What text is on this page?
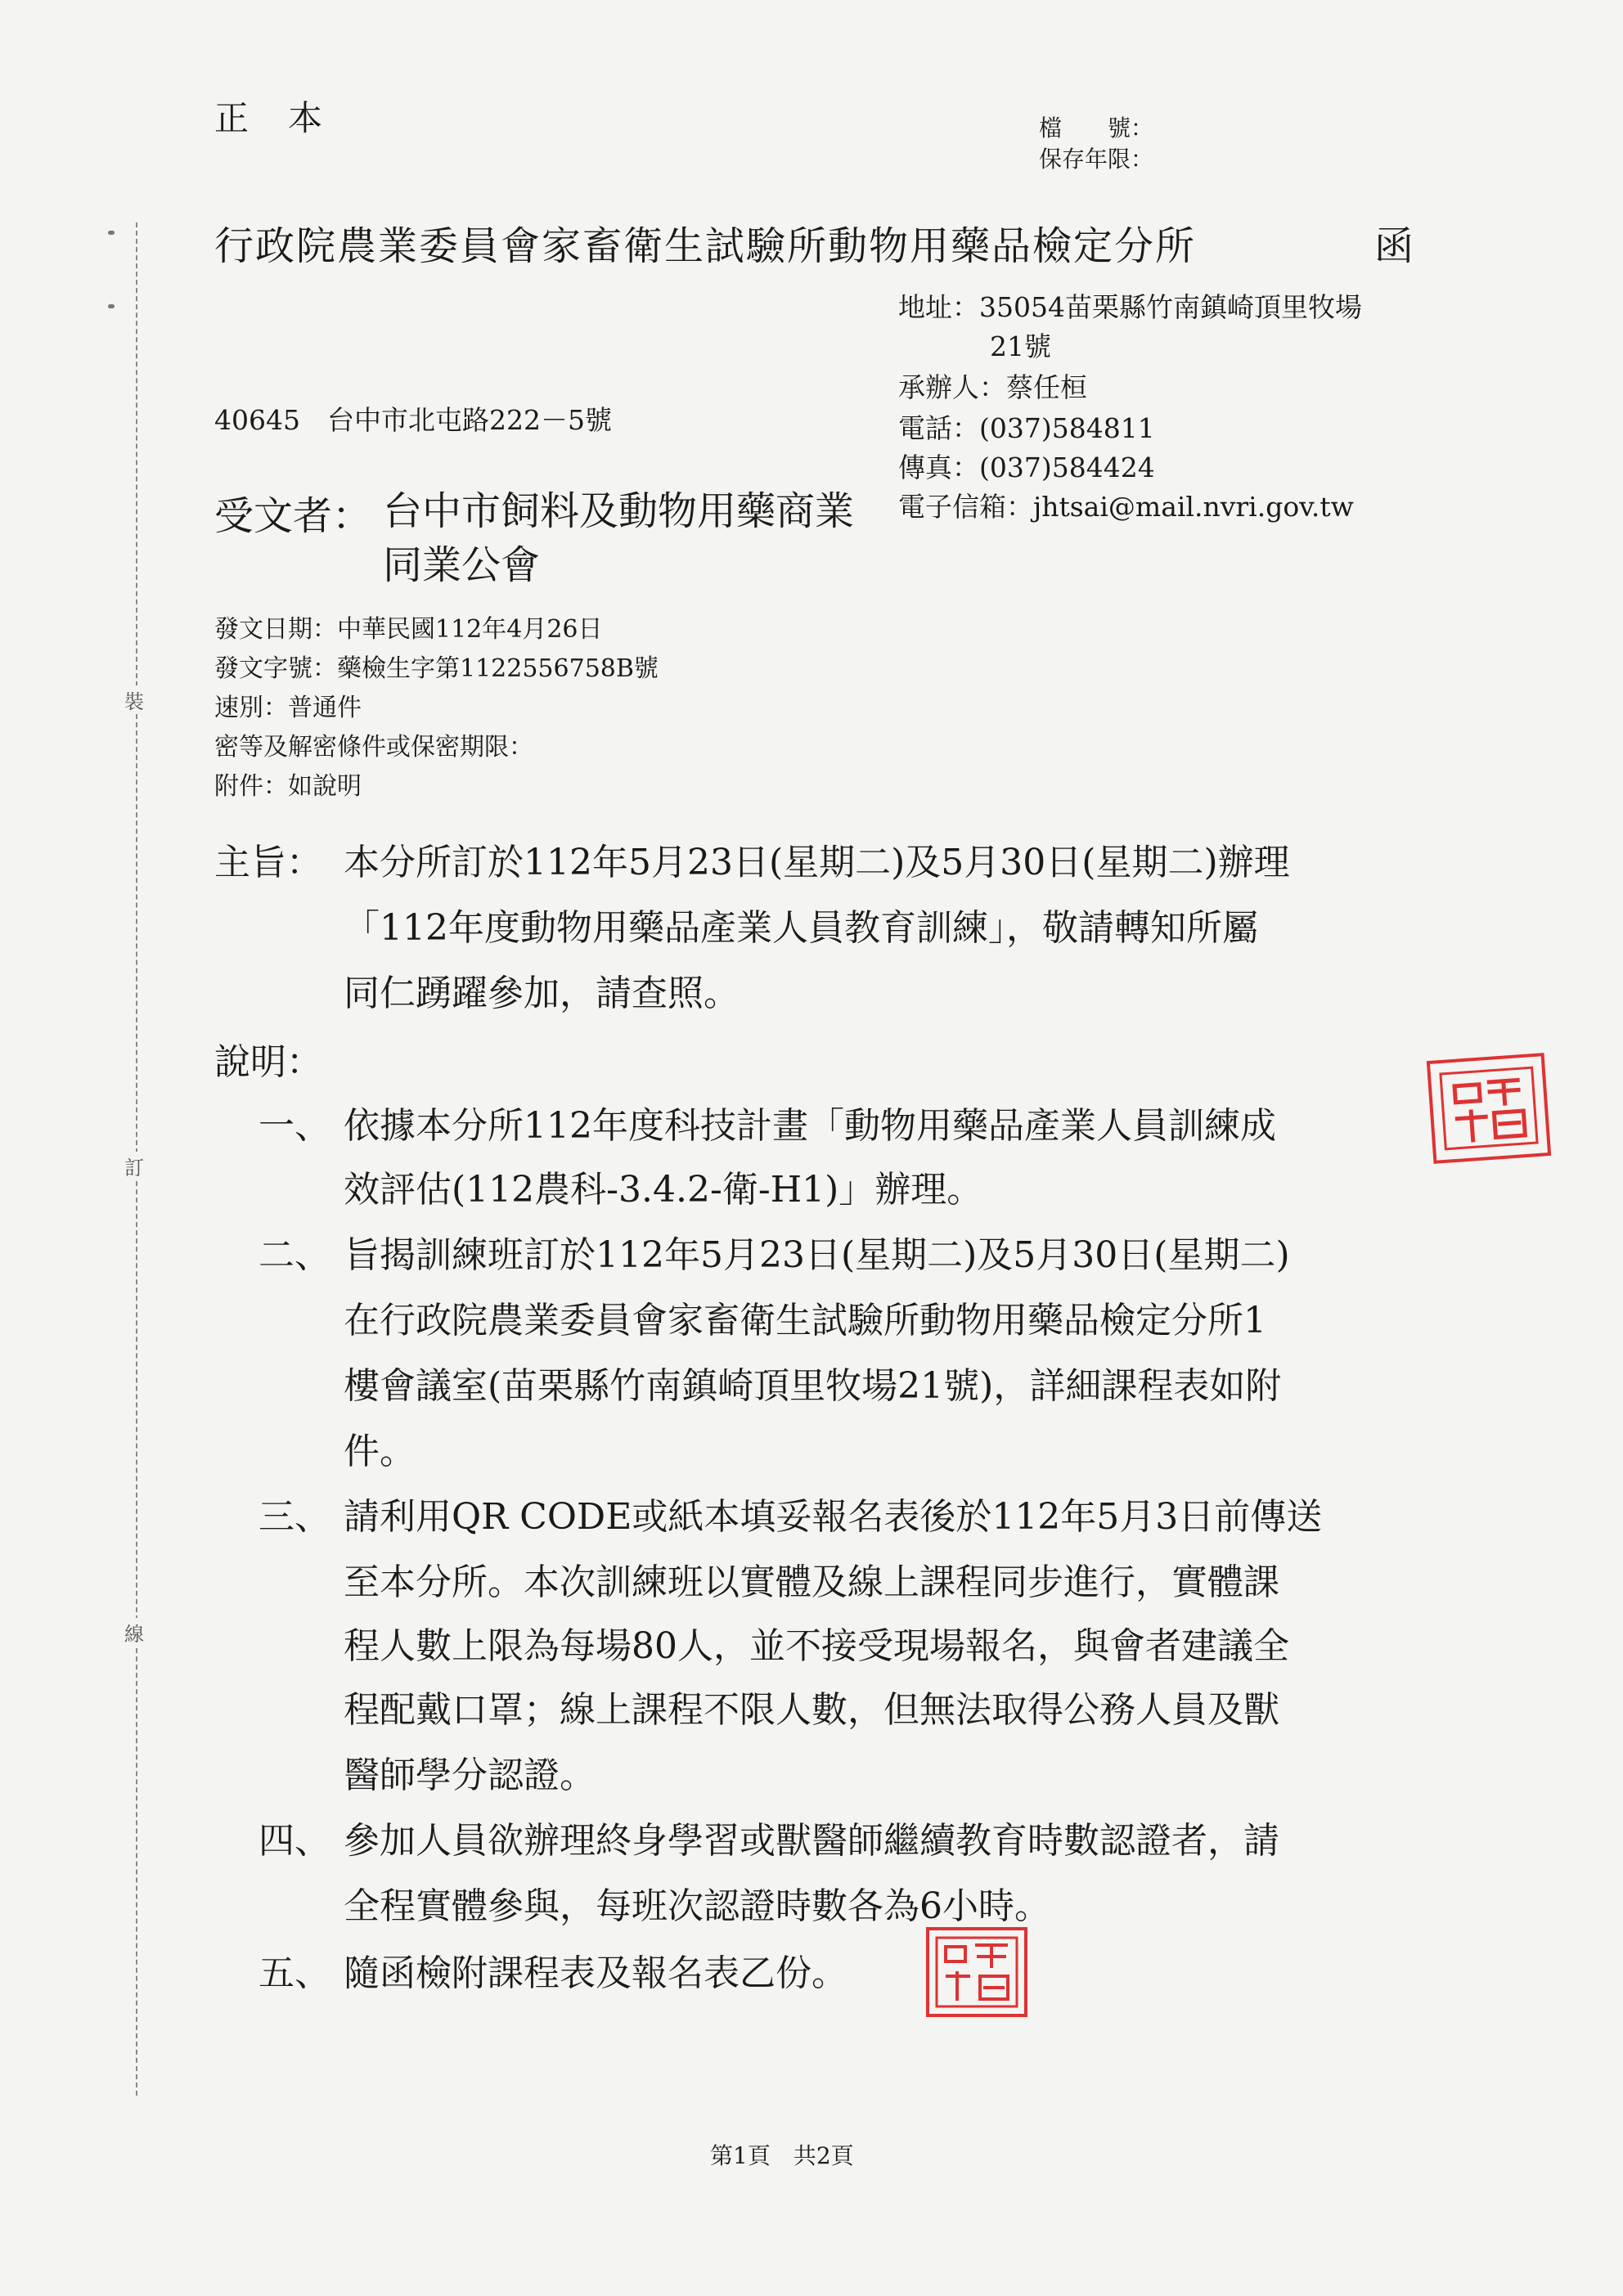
裝
訂
線
正本	檔　　號：
保存年限：
行政院農業委員會家畜衛生試驗所動物用藥品檢定分所	函
地址：35054苗栗縣竹南鎮崎頂里牧場
21號
承辦人：蔡任桓
電話：(037)584811
傳真：(037)584424
電子信箱：jhtsai@mail.nvri.gov.tw
40645　台中市北屯路222－5號
受文者： 台中市飼料及動物用藥商業
同業公會
發文日期：中華民國112年4月26日
發文字號：藥檢生字第1122556758B號
速別：普通件
密等及解密條件或保密期限：
附件：如說明
主旨： 本分所訂於112年5月23日(星期二)及5月30日(星期二)辦理
「112年度動物用藥品產業人員教育訓練」，敬請轉知所屬
同仁踴躍參加，請查照。
說明：
一、 依據本分所112年度科技計畫「動物用藥品產業人員訓練成
效評估(112農科-3.4.2-衛-H1)」辦理。
二、 旨揭訓練班訂於112年5月23日(星期二)及5月30日(星期二)
在行政院農業委員會家畜衛生試驗所動物用藥品檢定分所1
樓會議室(苗栗縣竹南鎮崎頂里牧場21號)，詳細課程表如附
件。
三、 請利用QR CODE或紙本填妥報名表後於112年5月3日前傳送
至本分所。本次訓練班以實體及線上課程同步進行，實體課
程人數上限為每場80人，並不接受現場報名，與會者建議全
程配戴口罩；線上課程不限人數，但無法取得公務人員及獸
醫師學分認證。
四、 參加人員欲辦理終身學習或獸醫師繼續教育時數認證者，請
全程實體參與，每班次認證時數各為6小時。
五、 隨函檢附課程表及報名表乙份。
第1頁　共2頁
